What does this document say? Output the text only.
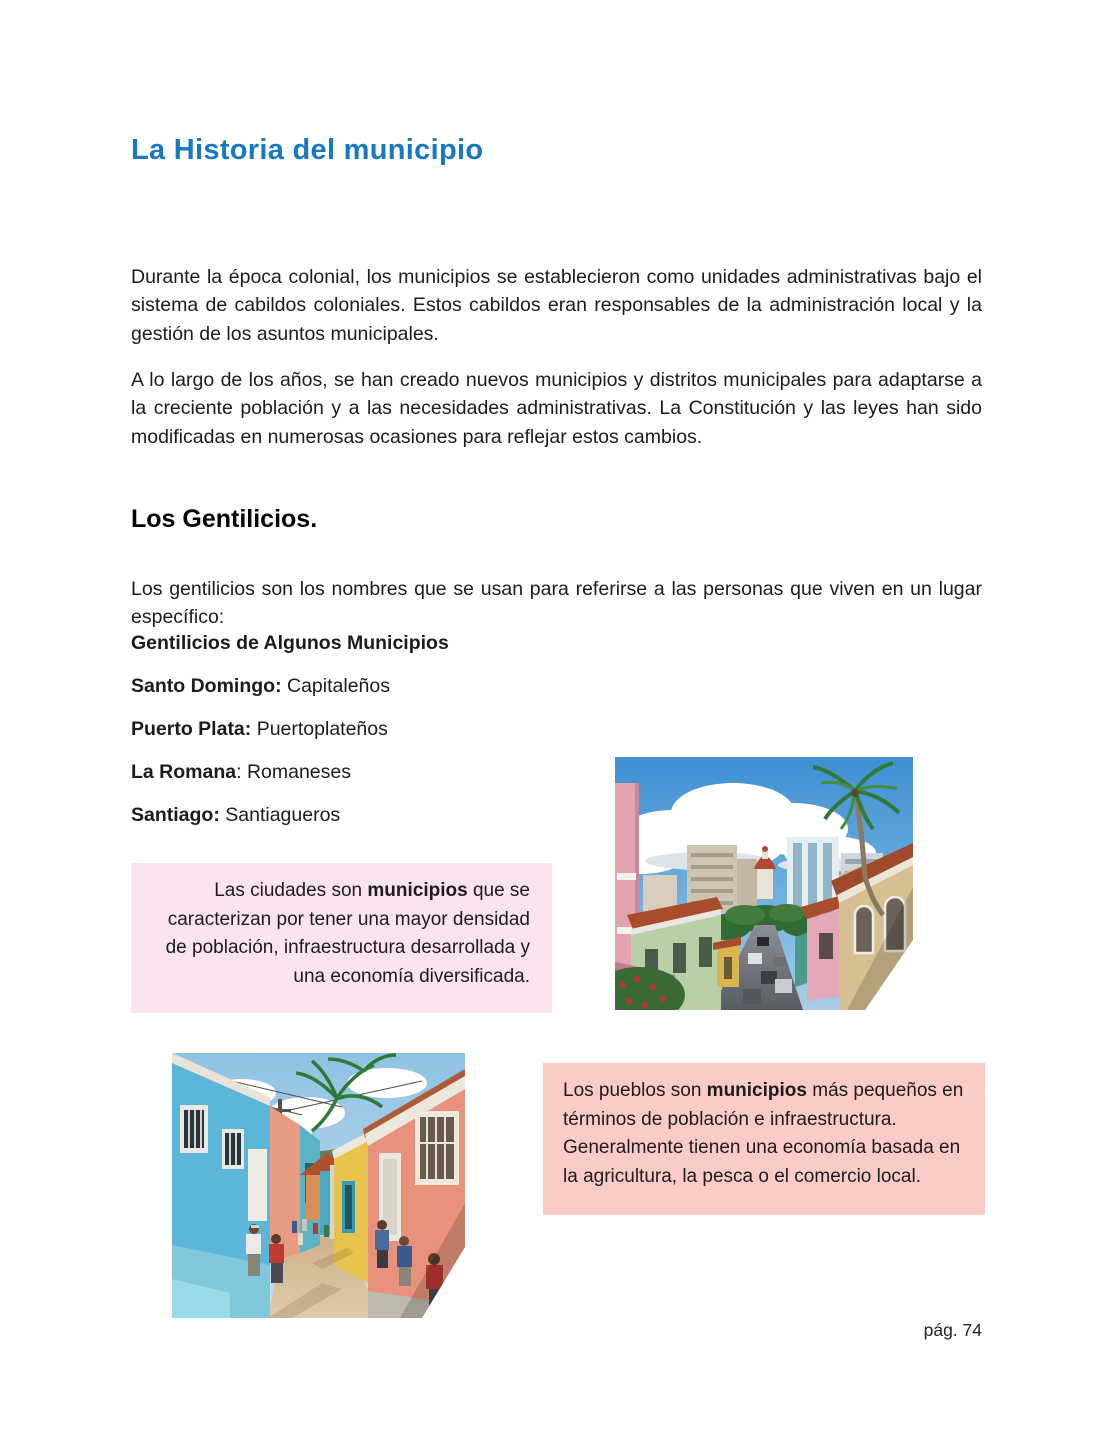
La Historia del municipio

Durante la época colonial, los municipios se establecieron como unidades administrativas bajo el sistema de cabildos coloniales. Estos cabildos eran responsables de la administración local y la gestión de los asuntos municipales.

A lo largo de los años, se han creado nuevos municipios y distritos municipales para adaptarse a la creciente población y a las necesidades administrativas. La Constitución y las leyes han sido modificadas en numerosas ocasiones para reflejar estos cambios.

Los Gentilicios.

Los gentilicios son los nombres que se usan para referirse a las personas que viven en un lugar específico:

Gentilicios de Algunos Municipios
Santo Domingo: Capitaleños
Puerto Plata: Puertoplateños
La Romana: Romaneses
Santiago: Santiagueros
Las ciudades son municipios que se caracterizan por tener una mayor densidad de población, infraestructura desarrollada y una economía diversificada.
Los pueblos son municipios más pequeños en términos de población e infraestructura. Generalmente tienen una economía basada en la agricultura, la pesca o el comercio local.
pág. 74
